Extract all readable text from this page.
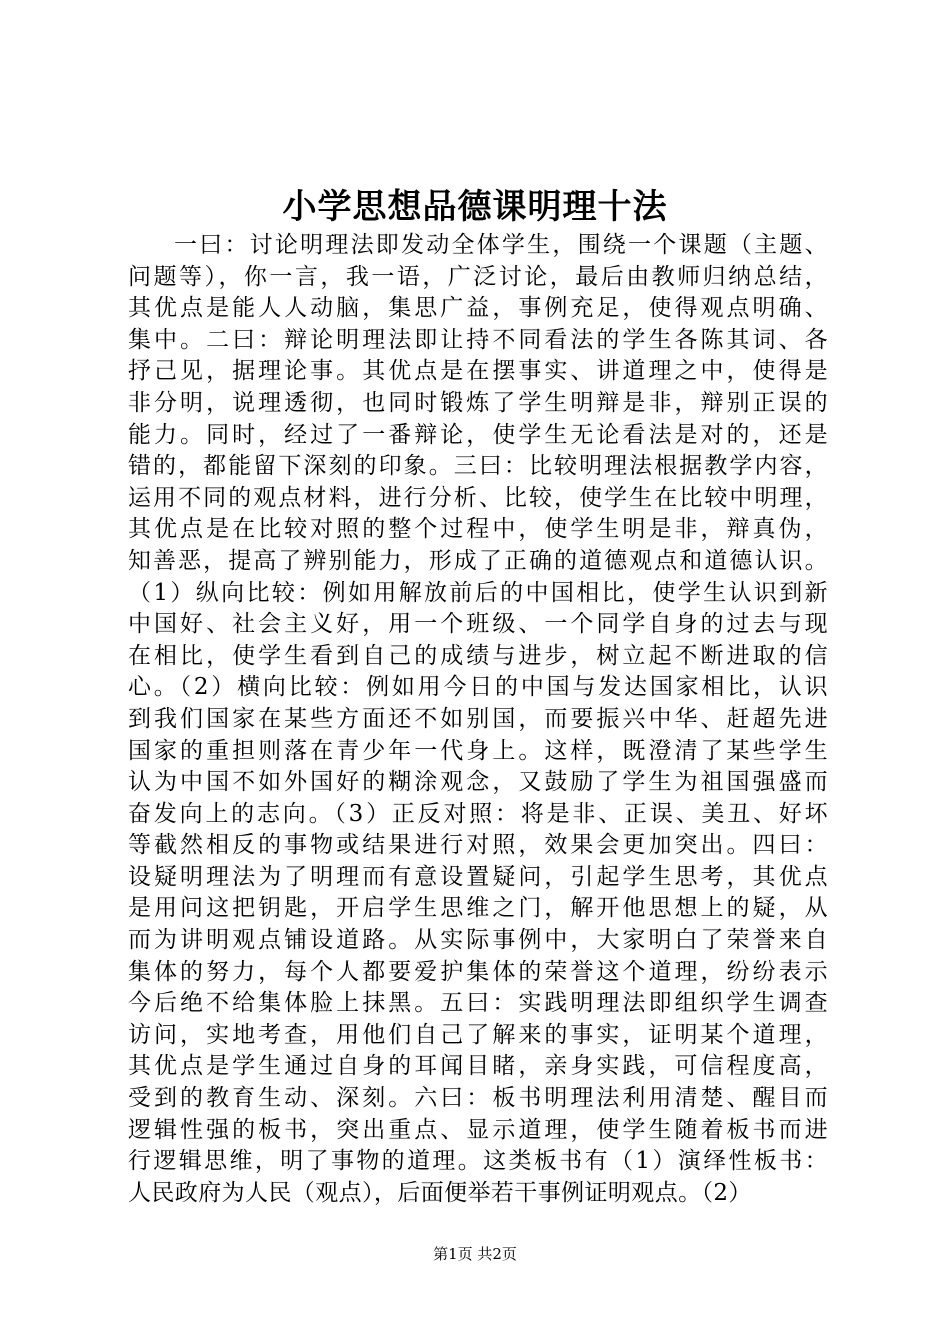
小学思想品德课明理十法
一曰：讨论明理法即发动全体学生，围绕一个课题（主题、
问题等），你一言，我一语，广泛讨论，最后由教师归纳总结，
其优点是能人人动脑，集思广益，事例充足，使得观点明确、
集中。二曰：辩论明理法即让持不同看法的学生各陈其词、各
抒己见，据理论事。其优点是在摆事实、讲道理之中，使得是
非分明，说理透彻，也同时锻炼了学生明辩是非，辩别正误的
能力。同时，经过了一番辩论，使学生无论看法是对的，还是
错的，都能留下深刻的印象。三曰：比较明理法根据教学内容，
运用不同的观点材料，进行分析、比较，使学生在比较中明理，
其优点是在比较对照的整个过程中，使学生明是非，辩真伪，
知善恶，提高了辨别能力，形成了正确的道德观点和道德认识。
（1）纵向比较：例如用解放前后的中国相比，使学生认识到新
中国好、社会主义好，用一个班级、一个同学自身的过去与现
在相比，使学生看到自己的成绩与进步，树立起不断进取的信
心。（2）横向比较：例如用今日的中国与发达国家相比，认识
到我们国家在某些方面还不如别国，而要振兴中华、赶超先进
国家的重担则落在青少年一代身上。这样，既澄清了某些学生
认为中国不如外国好的糊涂观念，又鼓励了学生为祖国强盛而
奋发向上的志向。（3）正反对照：将是非、正误、美丑、好坏
等截然相反的事物或结果进行对照，效果会更加突出。四曰：
设疑明理法为了明理而有意设置疑问，引起学生思考，其优点
是用问这把钥匙，开启学生思维之门，解开他思想上的疑，从
而为讲明观点铺设道路。从实际事例中，大家明白了荣誉来自
集体的努力，每个人都要爱护集体的荣誉这个道理，纷纷表示
今后绝不给集体脸上抹黑。五曰：实践明理法即组织学生调查
访问，实地考查，用他们自己了解来的事实，证明某个道理，
其优点是学生通过自身的耳闻目睹，亲身实践，可信程度高，
受到的教育生动、深刻。六曰：板书明理法利用清楚、醒目而
逻辑性强的板书，突出重点、显示道理，使学生随着板书而进
行逻辑思维，明了事物的道理。这类板书有（1）演绎性板书：
人民政府为人民（观点），后面便举若干事例证明观点。（2）
第1页 共2页
